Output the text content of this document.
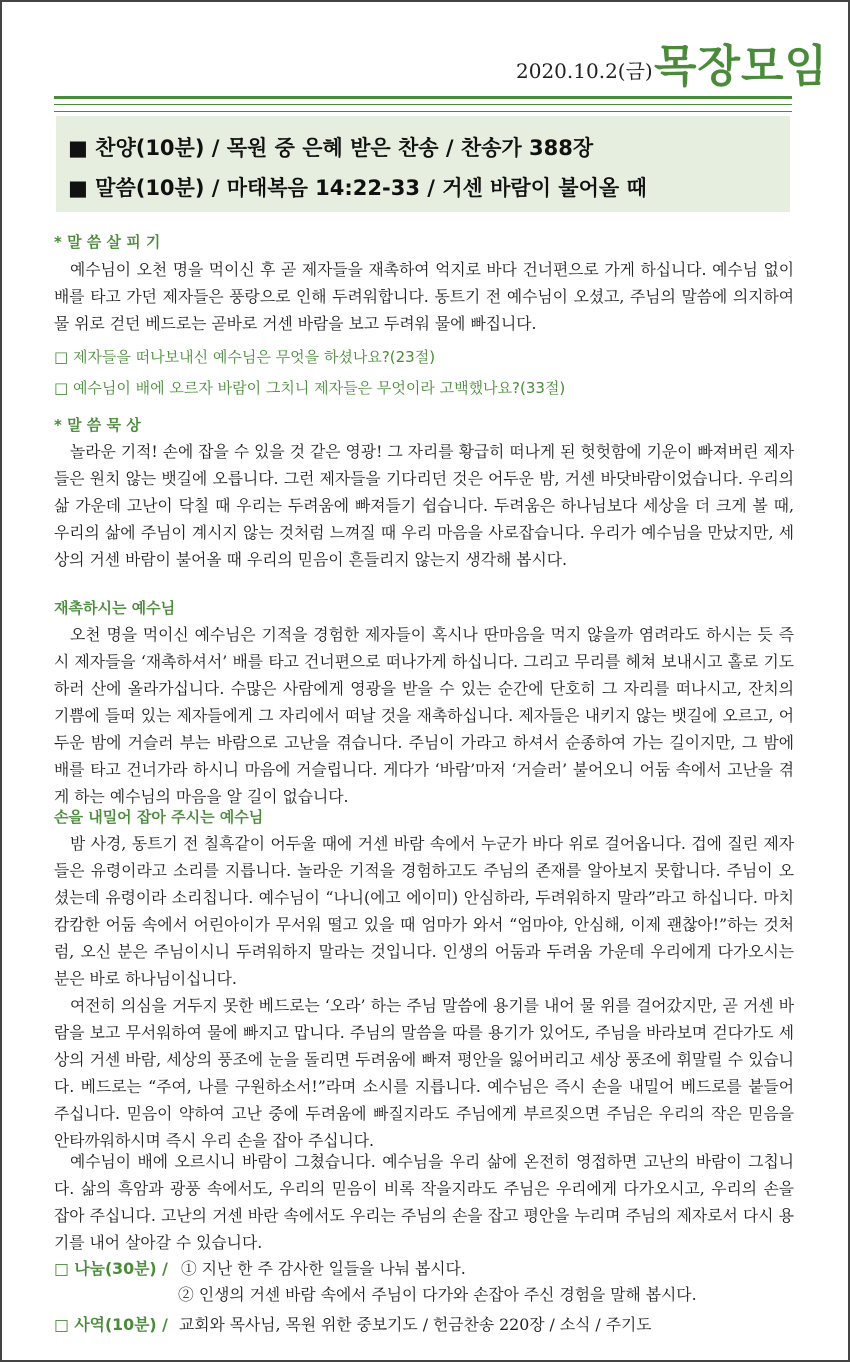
2020.10.2(금) 목장모임
■ 찬양(10분) / 목원 중 은혜 받은 찬송 / 찬송가 388장
■ 말씀(10분) / 마태복음 14:22-33 / 거센 바람이 불어올 때
* 말 씀 살 피 기

예수님이 오천 명을 먹이신 후 곧 제자들을 재촉하여 억지로 바다 건너편으로 가게 하십니다. 예수님 없이 배를 타고 가던 제자들은 풍랑으로 인해 두려워합니다. 동트기 전 예수님이 오셨고, 주님의 말씀에 의지하여 물 위로 걷던 베드로는 곧바로 거센 바람을 보고 두려워 물에 빠집니다.

□ 제자들을 떠나보내신 예수님은 무엇을 하셨나요?(23절)
□ 예수님이 배에 오르자 바람이 그치니 제자들은 무엇이라 고백했나요?(33절)
* 말 씀 묵 상

놀라운 기적! 손에 잡을 수 있을 것 같은 영광! 그 자리를 황급히 떠나게 된 헛헛함에 기운이 빠져버린 제자들은 원치 않는 뱃길에 오릅니다. 그런 제자들을 기다리던 것은 어두운 밤, 거센 바닷바람이었습니다. 우리의 삶 가운데 고난이 닥칠 때 우리는 두려움에 빠져들기 쉽습니다. 두려움은 하나님보다 세상을 더 크게 볼 때, 우리의 삶에 주님이 계시지 않는 것처럼 느껴질 때 우리 마음을 사로잡습니다. 우리가 예수님을 만났지만, 세상의 거센 바람이 불어올 때 우리의 믿음이 흔들리지 않는지 생각해 봅시다.

재촉하시는 예수님

오천 명을 먹이신 예수님은 기적을 경험한 제자들이 혹시나 딴마음을 먹지 않을까 염려라도 하시는 듯 즉시 제자들을 ‘재촉하셔서’ 배를 타고 건너편으로 떠나가게 하십니다. 그리고 무리를 헤쳐 보내시고 홀로 기도하러 산에 올라가십니다. 수많은 사람에게 영광을 받을 수 있는 순간에 단호히 그 자리를 떠나시고, 잔치의 기쁨에 들떠 있는 제자들에게 그 자리에서 떠날 것을 재촉하십니다. 제자들은 내키지 않는 뱃길에 오르고, 어두운 밤에 거슬러 부는 바람으로 고난을 겪습니다. 주님이 가라고 하셔서 순종하여 가는 길이지만, 그 밤에 배를 타고 건너가라 하시니 마음에 거슬립니다. 게다가 ‘바람’마저 ‘거슬러’ 불어오니 어둠 속에서 고난을 겪게 하는 예수님의 마음을 알 길이 없습니다.

손을 내밀어 잡아 주시는 예수님

밤 사경, 동트기 전 칠흑같이 어두울 때에 거센 바람 속에서 누군가 바다 위로 걸어옵니다. 겁에 질린 제자들은 유령이라고 소리를 지릅니다. 놀라운 기적을 경험하고도 주님의 존재를 알아보지 못합니다. 주님이 오셨는데 유령이라 소리칩니다. 예수님이 “나니(에고 에이미) 안심하라, 두려워하지 말라”라고 하십니다. 마치 캄캄한 어둠 속에서 어린아이가 무서워 떨고 있을 때 엄마가 와서 “엄마야, 안심해, 이제 괜찮아!”하는 것처럼, 오신 분은 주님이시니 두려워하지 말라는 것입니다. 인생의 어둠과 두려움 가운데 우리에게 다가오시는 분은 바로 하나님이십니다.

여전히 의심을 거두지 못한 베드로는 ‘오라’ 하는 주님 말씀에 용기를 내어 물 위를 걸어갔지만, 곧 거센 바람을 보고 무서워하여 물에 빠지고 맙니다. 주님의 말씀을 따를 용기가 있어도, 주님을 바라보며 걷다가도 세상의 거센 바람, 세상의 풍조에 눈을 돌리면 두려움에 빠져 평안을 잃어버리고 세상 풍조에 휘말릴 수 있습니다. 베드로는 “주여, 나를 구원하소서!”라며 소시를 지릅니다. 예수님은 즉시 손을 내밀어 베드로를 붙들어 주십니다. 믿음이 약하여 고난 중에 두려움에 빠질지라도 주님에게 부르짖으면 주님은 우리의 작은 믿음을 안타까워하시며 즉시 우리 손을 잡아 주십니다.

예수님이 배에 오르시니 바람이 그쳤습니다. 예수님을 우리 삶에 온전히 영접하면 고난의 바람이 그칩니다. 삶의 흑암과 광풍 속에서도, 우리의 믿음이 비록 작을지라도 주님은 우리에게 다가오시고, 우리의 손을 잡아 주십니다. 고난의 거센 바란 속에서도 우리는 주님의 손을 잡고 평안을 누리며 주님의 제자로서 다시 용기를 내어 살아갈 수 있습니다.

□ 나눔(30분) / ① 지난 한 주 감사한 일들을 나눠 봅시다.
② 인생의 거센 바람 속에서 주님이 다가와 손잡아 주신 경험을 말해 봅시다.
□ 사역(10분) / 교회와 목사님, 목원 위한 중보기도 / 헌금찬송 220장 / 소식 / 주기도
